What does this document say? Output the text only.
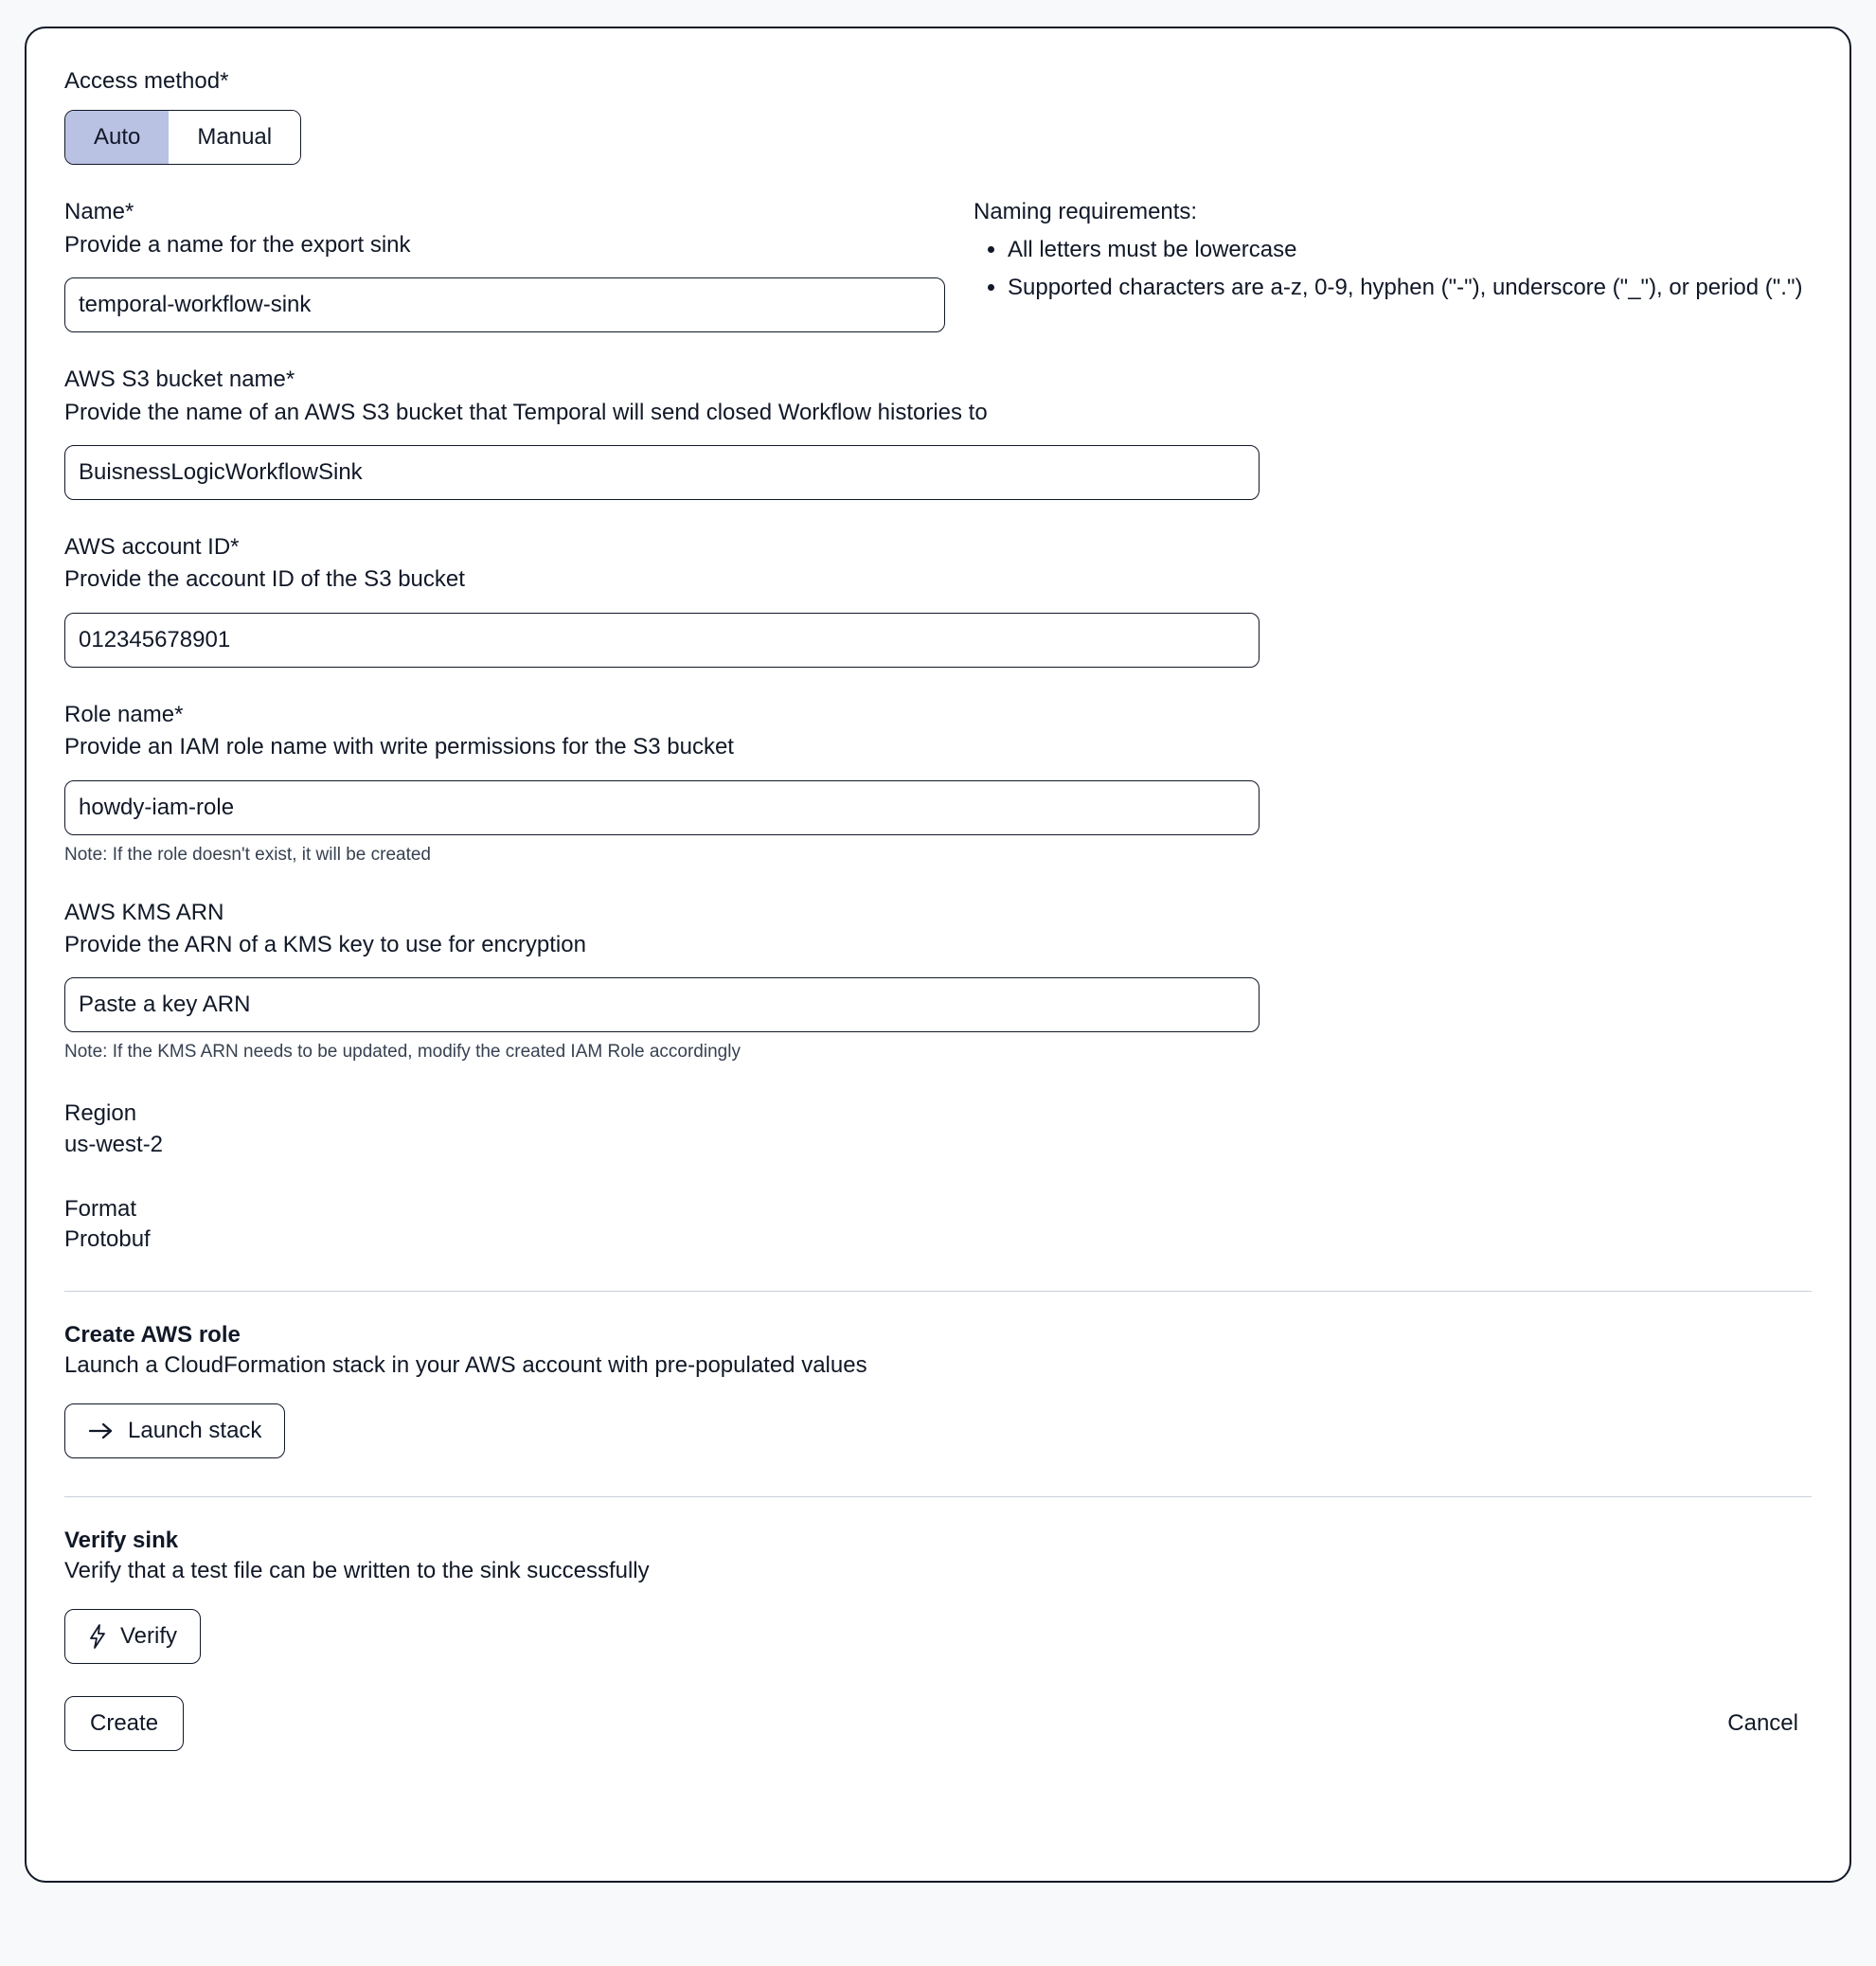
Access method*

Auto	Manual

Name*

Provide a name for the export sink

temporal-workflow-sink

Naming requirements:

• All letters must be lowercase
• Supported characters are a-z, 0-9, hyphen ("-"), underscore ("_"), or period (".")

AWS S3 bucket name*

Provide the name of an AWS S3 bucket that Temporal will send closed Workflow histories to

BuisnessLogicWorkflowSink

AWS account ID*

Provide the account ID of the S3 bucket

012345678901

Role name*

Provide an IAM role name with write permissions for the S3 bucket

howdy-iam-role

Note: If the role doesn't exist, it will be created

AWS KMS ARN

Provide the ARN of a KMS key to use for encryption

Paste a key ARN

Note: If the KMS ARN needs to be updated, modify the created IAM Role accordingly

Region

us-west-2

Format

Protobuf

Create AWS role

Launch a CloudFormation stack in your AWS account with pre-populated values

Launch stack

Verify sink

Verify that a test file can be written to the sink successfully

Verify
Create	Cancel
